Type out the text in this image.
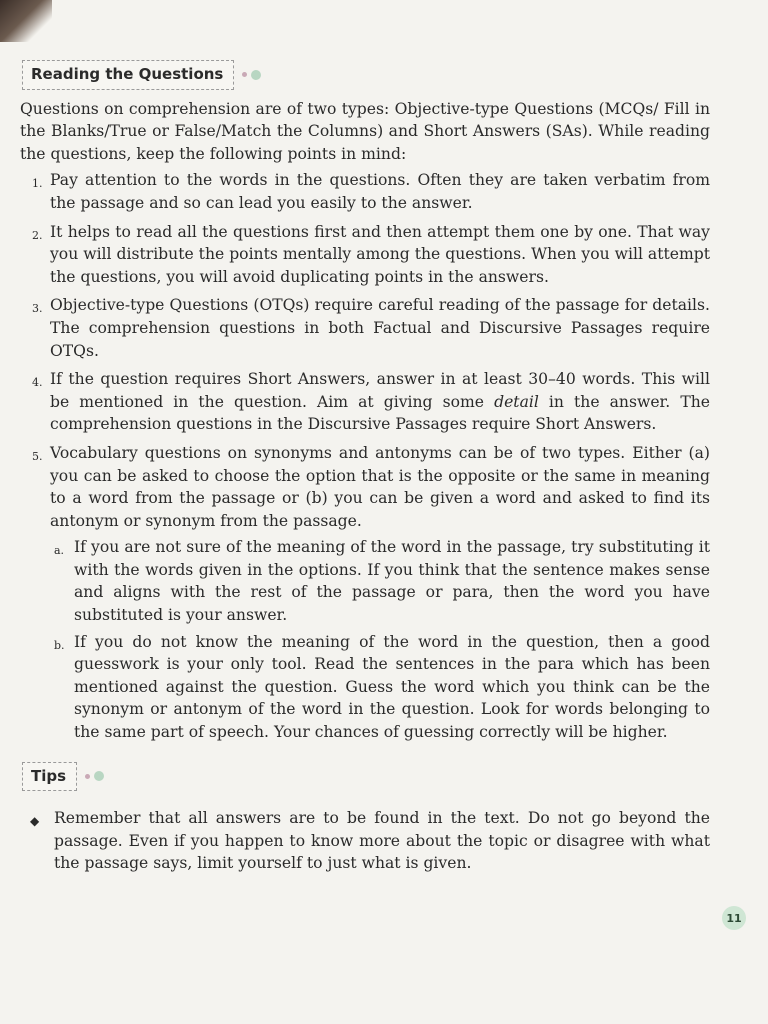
Reading the Questions

Questions on comprehension are of two types: Objective-type Questions (MCQs/ Fill in the Blanks/True or False/Match the Columns) and Short Answers (SAs). While reading the questions, keep the following points in mind:

1. Pay attention to the words in the questions. Often they are taken verbatim from the passage and so can lead you easily to the answer.
2. It helps to read all the questions first and then attempt them one by one. That way you will distribute the points mentally among the questions. When you will attempt the questions, you will avoid duplicating points in the answers.
3. Objective-type Questions (OTQs) require careful reading of the passage for details. The comprehension questions in both Factual and Discursive Passages require OTQs.
4. If the question requires Short Answers, answer in at least 30–40 words. This will be mentioned in the question. Aim at giving some detail in the answer. The comprehension questions in the Discursive Passages require Short Answers.
5. Vocabulary questions on synonyms and antonyms can be of two types. Either (a) you can be asked to choose the option that is the opposite or the same in meaning to a word from the passage or (b) you can be given a word and asked to find its antonym or synonym from the passage.
a. If you are not sure of the meaning of the word in the passage, try substituting it with the words given in the options. If you think that the sentence makes sense and aligns with the rest of the passage or para, then the word you have substituted is your answer.
b. If you do not know the meaning of the word in the question, then a good guesswork is your only tool. Read the sentences in the para which has been mentioned against the question. Guess the word which you think can be the synonym or antonym of the word in the question. Look for words belonging to the same part of speech. Your chances of guessing correctly will be higher.
Tips
◆ Remember that all answers are to be found in the text. Do not go beyond the passage. Even if you happen to know more about the topic or disagree with what the passage says, limit yourself to just what is given.
11
